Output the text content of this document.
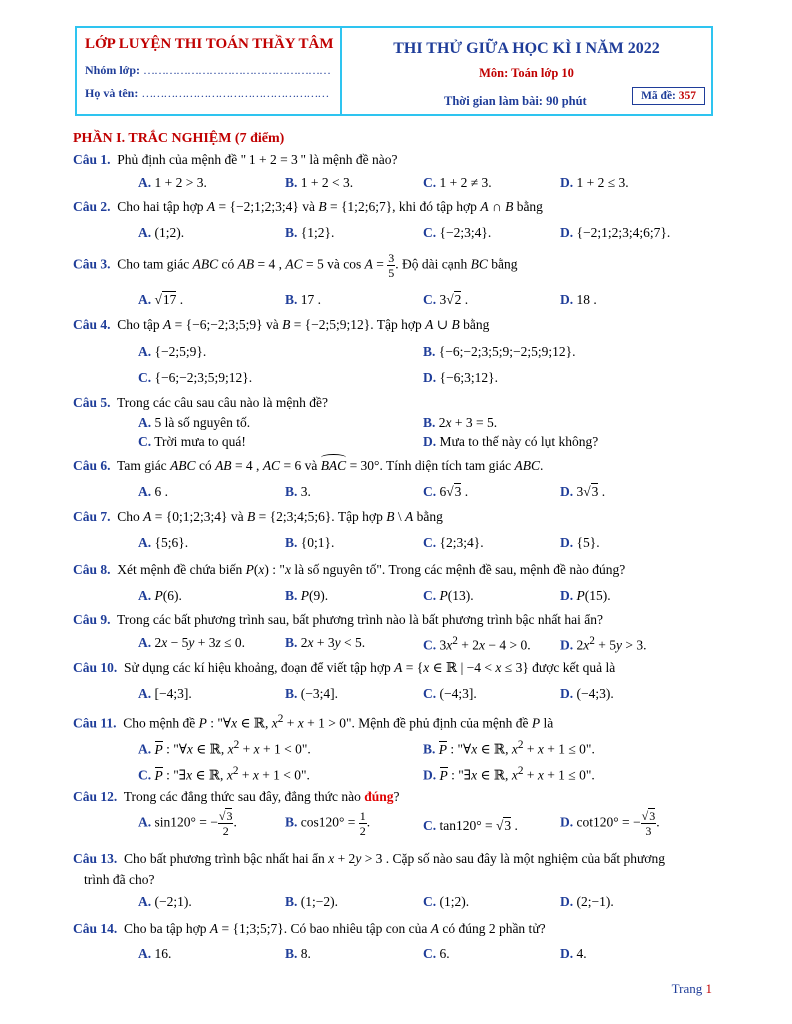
LỚP LUYỆN THI TOÁN THẦY TÂM
Nhóm lớp: ……………………………………………
Họ và tên: ……………………………………………
THI THỬ GIỮA HỌC KÌ I NĂM 2022
Môn: Toán lớp 10
Thời gian làm bài: 90 phút	Mã đề: 357
PHẦN I. TRẮC NGHIỆM (7 điểm)
Câu 1.  Phủ định của mệnh đề " 1 + 2 = 3 " là mệnh đề nào?
A. 1 + 2 > 3.	B. 1 + 2 < 3.	C. 1 + 2 ≠ 3.	D. 1 + 2 ≤ 3.
Câu 2.  Cho hai tập hợp A = {−2;1;2;3;4} và B = {1;2;6;7}, khi đó tập hợp A ∩ B bằng
A. (1;2).	B. {1;2}.	C. {−2;3;4}.	D. {−2;1;2;3;4;6;7}.
Câu 3.  Cho tam giác ABC có AB = 4 , AC = 5 và $\cos A = \frac{3}{5}$ . Độ dài cạnh BC bằng
A. √17 .	B. 17 .	C. 3√2 .	D. 18 .
Câu 4.  Cho tập A = {−6;−2;3;5;9} và B = {−2;5;9;12}. Tập hợp A ∪ B bằng
A. {−2;5;9}.	B. {−6;−2;3;5;9;−2;5;9;12}.
C. {−6;−2;3;5;9;12}.	D. {−6;3;12}.
Câu 5. Trong các câu sau câu nào là mệnh đề?
A. 5 là số nguyên tố.	B. 2x + 3 = 5.
C. Trời mưa to quá!	D. Mưa to thế này có lụt không?
Câu 6.  Tam giác ABC có AB = 4 , AC = 6 và BAC = 30°. Tính diện tích tam giác ABC.
A. 6 .	B. 3.	C. 6√3 .	D. 3√3 .
Câu 7.  Cho A = {0;1;2;3;4} và B = {2;3;4;5;6}. Tập hợp B \ A bằng
A. {5;6}.	B. {0;1}.	C. {2;3;4}.	D. {5}.
Câu 8.  Xét mệnh đề chứa biến P(x) : "x là số nguyên tố". Trong các mệnh đề sau, mệnh đề nào đúng?
A. P(6).	B. P(9).	C. P(13).	D. P(15).
Câu 9.  Trong các bất phương trình sau, bất phương trình nào là bất phương trình bậc nhất hai ẩn?
A. 2x − 5y + 3z ≤ 0.	B. 2x + 3y < 5.	C. $3x^2 + 2x - 4 > 0$. D. $2x^2 + 5y > 3$.
Câu 10.  Sử dụng các kí hiệu khoảng, đoạn để viết tập hợp A = {x ∈ ℝ | −4 < x ≤ 3} được kết quả là
A. [−4;3].	B. (−3;4].	C. (−4;3].	D. (−4;3).
Câu 11.  Cho mệnh đề P : "∀x ∈ ℝ, $x^2 + x + 1 > 0$". Mệnh đề phủ định của mệnh đề P là
A. P : "∀x ∈ ℝ, $x^2 + x + 1 < 0$".	B. P : "∀x ∈ ℝ, $x^2 + x + 1 \le 0$".
C. P : "∃x ∈ ℝ, $x^2 + x + 1 < 0$".	D. P : "∃x ∈ ℝ, $x^2 + x + 1 \le 0$".
Câu 12.  Trong các đẳng thức sau đây, đẳng thức nào đúng?
A. sin120° = − $\frac{√3}{2}$ .	B. $\cos 120^\circ = \frac{1}{2}$ .	C. tan120° = √3 .	D. cot120° = − $\frac{√3}{3}$ .
Câu 13.  Cho bất phương trình bậc nhất hai ẩn x + 2y > 3 . Cặp số nào sau đây là một nghiệm của bất phương
trình đã cho?
A. (−2;1).	B. (1;−2).	C. (1;2).	D. (2;−1).
Câu 14.  Cho ba tập hợp A = {1;3;5;7}. Có bao nhiêu tập con của A có đúng 2 phần tử?
A. 16.	B. 8.	C. 6.	D. 4.
Trang 1
